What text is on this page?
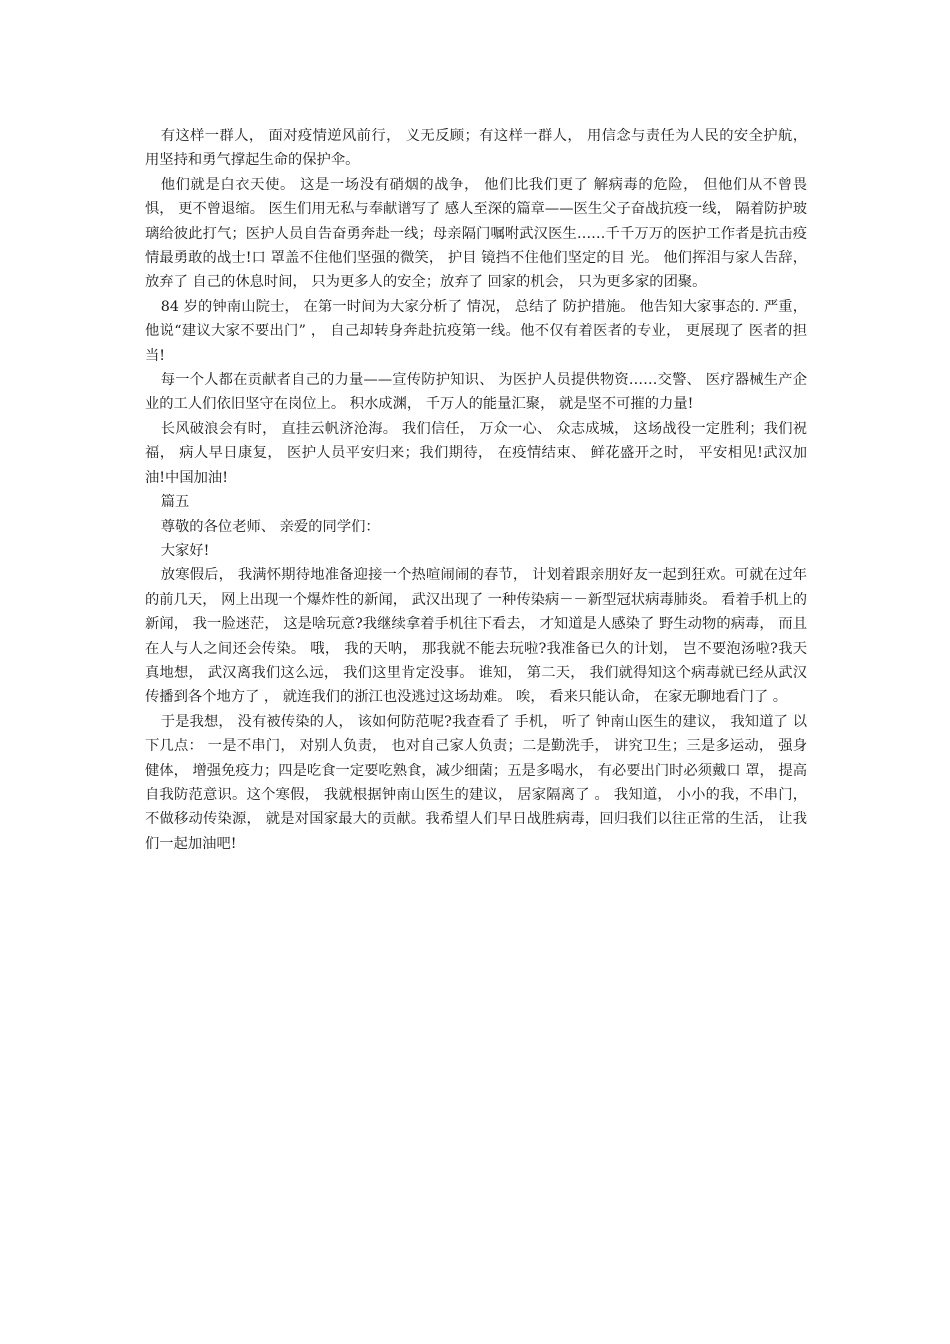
有这样一群人， 面对疫情逆风前行， 义无反顾；有这样一群人， 用信念与责任为人民的安全护航， 用坚持和勇气撑起生命的保护伞。

他们就是白衣天使。 这是一场没有硝烟的战争， 他们比我们更了 解病毒的危险， 但他们从不曾畏惧， 更不曾退缩。 医生们用无私与奉献谱写了 感人至深的篇章——医生父子奋战抗疫一线， 隔着防护玻璃给彼此打气；医护人员自告奋勇奔赴一线；母亲隔门嘱咐武汉医生……千千万万的医护工作者是抗击疫情最勇敢的战士!口 罩盖不住他们坚强的微笑， 护目 镜挡不住他们坚定的目 光。 他们挥泪与家人告辞， 放弃了 自己的休息时间， 只为更多人的安全；放弃了 回家的机会， 只为更多家的团聚。

84 岁的钟南山院士， 在第一时间为大家分析了 情况， 总结了 防护措施。 他告知大家事态的. 严重， 他说“建议大家不要出门” ， 自己却转身奔赴抗疫第一线。他不仅有着医者的专业， 更展现了 医者的担当!

每一个人都在贡献者自己的力量——宣传防护知识、 为医护人员提供物资……交警、 医疗器械生产企业的工人们依旧坚守在岗位上。 积水成渊， 千万人的能量汇聚， 就是坚不可摧的力量!

长风破浪会有时， 直挂云帆济沧海。 我们信任， 万众一心、 众志成城， 这场战役一定胜利；我们祝福， 病人早日康复， 医护人员平安归来；我们期待， 在疫情结束、 鲜花盛开之时， 平安相见!武汉加油!中国加油!

篇五

尊敬的各位老师、 亲爱的同学们：

大家好!

放寒假后， 我满怀期待地准备迎接一个热喧闹闹的春节， 计划着跟亲朋好友一起到狂欢。可就在过年的前几天， 网上出现一个爆炸性的新闻， 武汉出现了 一种传染病－－新型冠状病毒肺炎。 看着手机上的新闻， 我一脸迷茫， 这是啥玩意?我继续拿着手机往下看去， 才知道是人感染了 野生动物的病毒， 而且在人与人之间还会传染。 哦， 我的天呐， 那我就不能去玩啦?我准备已久的计划， 岂不要泡汤啦?我天真地想， 武汉离我们这么远， 我们这里肯定没事。 谁知， 第二天， 我们就得知这个病毒就已经从武汉传播到各个地方了 ， 就连我们的浙江也没逃过这场劫难。 唉， 看来只能认命， 在家无聊地看门了 。

于是我想， 没有被传染的人， 该如何防范呢?我查看了 手机， 听了 钟南山医生的建议， 我知道了 以下几点： 一是不串门， 对别人负责， 也对自己家人负责；二是勤洗手， 讲究卫生；三是多运动， 强身健体， 增强免疫力；四是吃食一定要吃熟食，减少细菌；五是多喝水， 有必要出门时必须戴口 罩， 提高自我防范意识。这个寒假， 我就根据钟南山医生的建议， 居家隔离了 。 我知道， 小小的我，不串门， 不做移动传染源， 就是对国家最大的贡献。我希望人们早日战胜病毒，回归我们以往正常的生活， 让我们一起加油吧!
